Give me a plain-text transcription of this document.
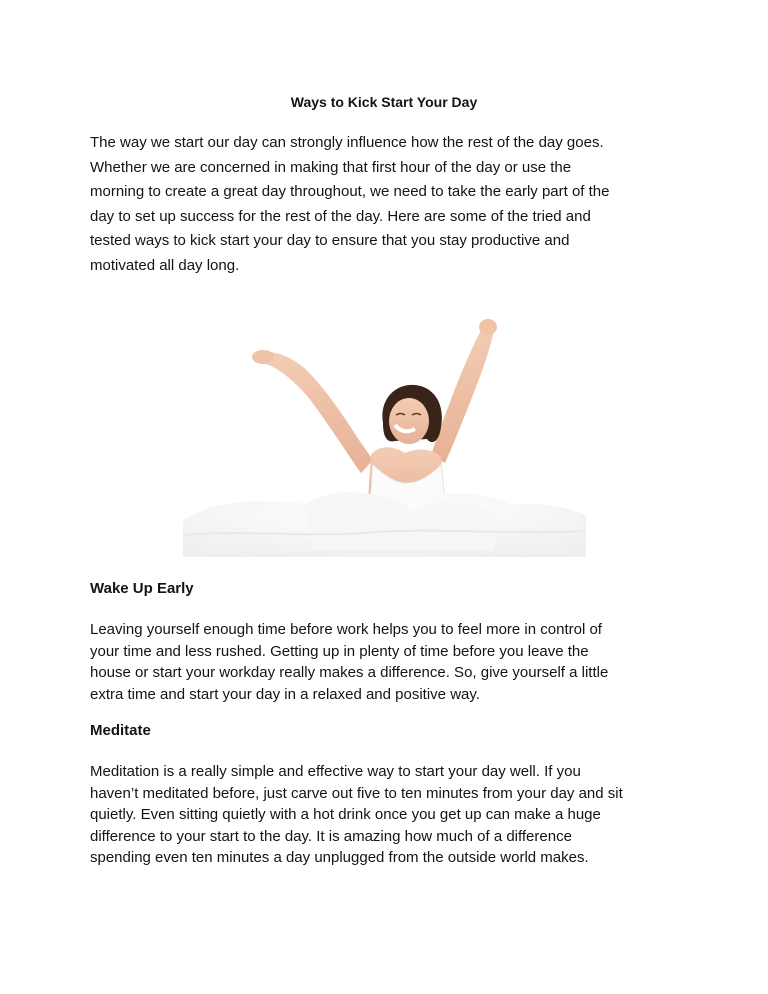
Ways to Kick Start Your Day
The way we start our day can strongly influence how the rest of the day goes.
Whether we are concerned in making that first hour of the day or use the
morning to create a great day throughout, we need to take the early part of the
day to set up success for the rest of the day. Here are some of the tried and
tested ways to kick start your day to ensure that you stay productive and
motivated all day long.
Wake Up Early
Leaving yourself enough time before work helps you to feel more in control of
your time and less rushed. Getting up in plenty of time before you leave the
house or start your workday really makes a difference. So, give yourself a little
extra time and start your day in a relaxed and positive way.
Meditate
Meditation is a really simple and effective way to start your day well. If you
haven’t meditated before, just carve out five to ten minutes from your day and sit
quietly. Even sitting quietly with a hot drink once you get up can make a huge
difference to your start to the day. It is amazing how much of a difference
spending even ten minutes a day unplugged from the outside world makes.
